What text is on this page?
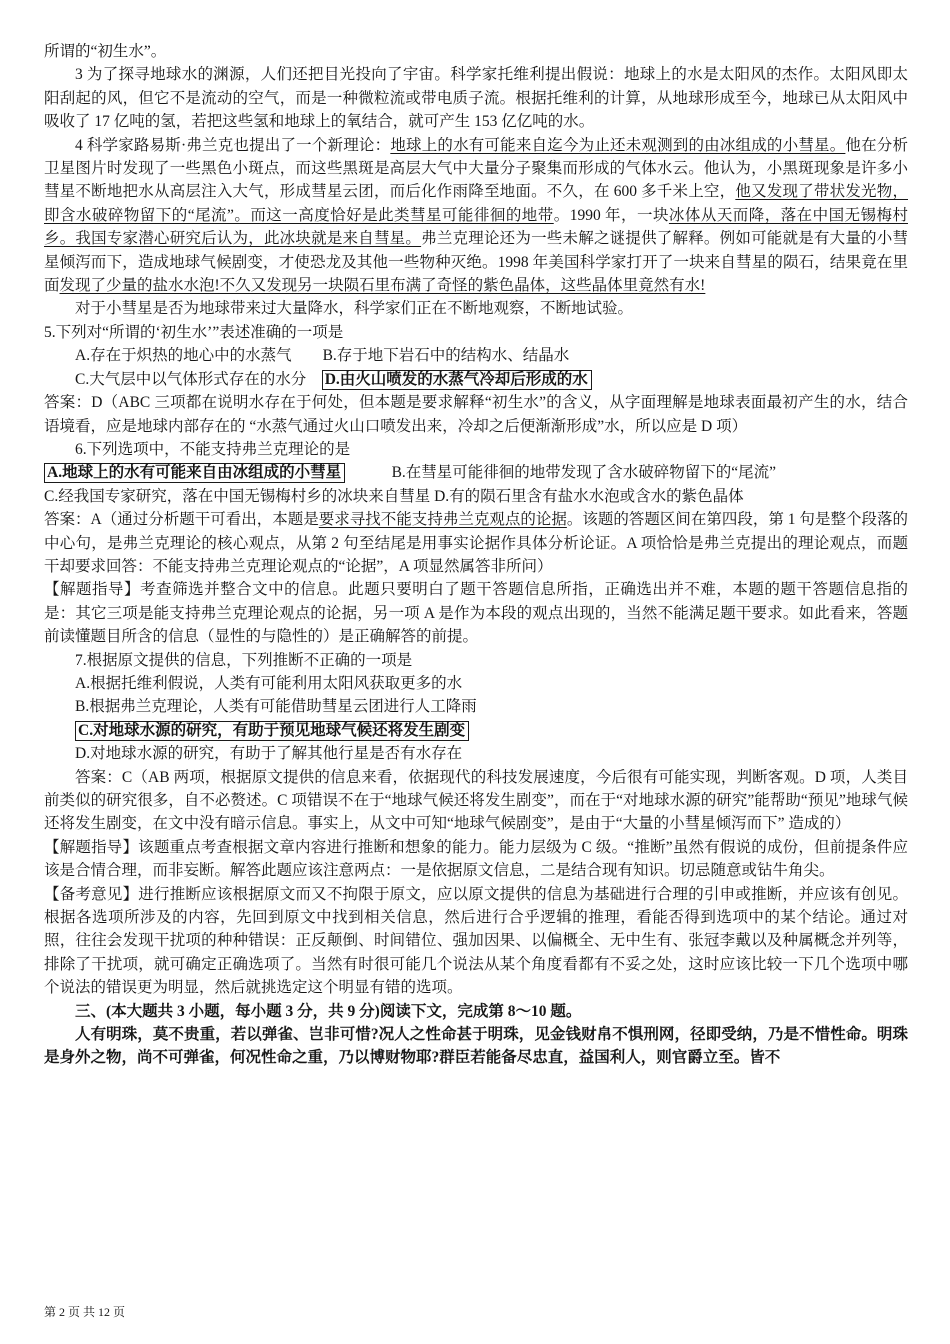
所谓的“初生水”。

3 为了探寻地球水的渊源，人们还把目光投向了宇宙。科学家托维利提出假说：地球上的水是太阳风的杰作。太阳风即太阳刮起的风，但它不是流动的空气，而是一种微粒流或带电质子流。根据托维利的计算，从地球形成至今，地球已从太阳风中吸收了 17 亿吨的氢，若把这些氢和地球上的氧结合，就可产生 153 亿亿吨的水。

4 科学家路易斯·弗兰克也提出了一个新理论：地球上的水有可能来自迄今为止还未观测到的由冰组成的小彗星。他在分析卫星图片时发现了一些黑色小斑点，而这些黑斑是高层大气中大量分子聚集而形成的气体水云。他认为，小黑斑现象是许多小彗星不断地把水从高层注入大气，形成彗星云团，而后化作雨降至地面。不久，在 600 多千米上空，他又发现了带状发光物，即含水破碎物留下的“尾流”。而这一高度恰好是此类彗星可能徘徊的地带。1990 年，一块冰体从天而降，落在中国无锡梅村乡。我国专家潜心研究后认为，此冰块就是来自彗星。弗兰克理论还为一些未解之谜提供了解释。例如可能就是有大量的小彗星倾泻而下，造成地球气候剧变，才使恐龙及其他一些物种灭绝。1998 年美国科学家打开了一块来自彗星的陨石，结果竟在里面发现了少量的盐水水泡!不久又发现另一块陨石里布满了奇怪的紫色晶体，这些晶体里竟然有水!

对于小彗星是否为地球带来过大量降水，科学家们正在不断地观察，不断地试验。

5.下列对“所谓的‘初生水’”表述准确的一项是

A.存在于炽热的地心中的水蒸气　　B.存于地下岩石中的结构水、结晶水

C.大气层中以气体形式存在的水分　D.由火山喷发的水蒸气冷却后形成的水

答案：D（ABC 三项都在说明水存在于何处，但本题是要求解释“初生水”的含义，从字面理解是地球表面最初产生的水，结合语境看，应是地球内部存在的 “水蒸气通过火山口喷发出来，冷却之后便渐渐形成”水，所以应是 D 项）

6.下列选项中，不能支持弗兰克理论的是

A.地球上的水有可能来自由冰组成的小彗星　　　B.在彗星可能徘徊的地带发现了含水破碎物留下的“尾流”

C.经我国专家研究，落在中国无锡梅村乡的冰块来自彗星 D.有的陨石里含有盐水水泡或含水的紫色晶体

答案：A（通过分析题干可看出，本题是要求寻找不能支持弗兰克观点的论据。该题的答题区间在第四段，第 1 句是整个段落的中心句，是弗兰克理论的核心观点，从第 2 句至结尾是用事实论据作具体分析论证。A 项恰恰是弗兰克提出的理论观点，而题干却要求回答：不能支持弗兰克理论观点的“论据”，A 项显然属答非所问）

【解题指导】考查筛选并整合文中的信息。此题只要明白了题干答题信息所指，正确选出并不难，本题的题干答题信息指的是：其它三项是能支持弗兰克理论观点的论据，另一项 A 是作为本段的观点出现的，当然不能满足题干要求。如此看来，答题前读懂题目所含的信息（显性的与隐性的）是正确解答的前提。

7.根据原文提供的信息，下列推断不正确的一项是

A.根据托维利假说，人类有可能利用太阳风获取更多的水

B.根据弗兰克理论，人类有可能借助彗星云团进行人工降雨

C.对地球水源的研究，有助于预见地球气候还将发生剧变

D.对地球水源的研究，有助于了解其他行星是否有水存在

答案：C（AB 两项，根据原文提供的信息来看，依据现代的科技发展速度，今后很有可能实现，判断客观。D 项，人类目前类似的研究很多，自不必赘述。C 项错误不在于“地球气候还将发生剧变”，而在于“对地球水源的研究”能帮助“预见”地球气候还将发生剧变，在文中没有暗示信息。事实上，从文中可知“地球气候剧变”，是由于“大量的小彗星倾泻而下” 造成的）

【解题指导】该题重点考查根据文章内容进行推断和想象的能力。能力层级为 C 级。“推断”虽然有假说的成份，但前提条件应该是合情合理，而非妄断。解答此题应该注意两点：一是依据原文信息，二是结合现有知识。切忌随意或钻牛角尖。

【备考意见】进行推断应该根据原文而又不拘限于原文，应以原文提供的信息为基础进行合理的引申或推断，并应该有创见。根据各选项所涉及的内容，先回到原文中找到相关信息，然后进行合乎逻辑的推理，看能否得到选项中的某个结论。通过对照，往往会发现干扰项的种种错误：正反颠倒、时间错位、强加因果、以偏概全、无中生有、张冠李戴以及种属概念并列等，排除了干扰项，就可确定正确选项了。当然有时很可能几个说法从某个角度看都有不妥之处，这时应该比较一下几个选项中哪个说法的错误更为明显，然后就挑选定这个明显有错的选项。

三、(本大题共 3 小题，每小题 3 分，共 9 分)阅读下文，完成第 8～10 题。

人有明珠，莫不贵重，若以弹雀、岂非可惜?况人之性命甚于明珠，见金钱财帛不惧刑网，径即受纳，乃是不惜性命。明珠是身外之物，尚不可弹雀，何况性命之重，乃以博财物耶?群臣若能备尽忠直，益国利人，则官爵立至。皆不

第 2 页 共 12 页
